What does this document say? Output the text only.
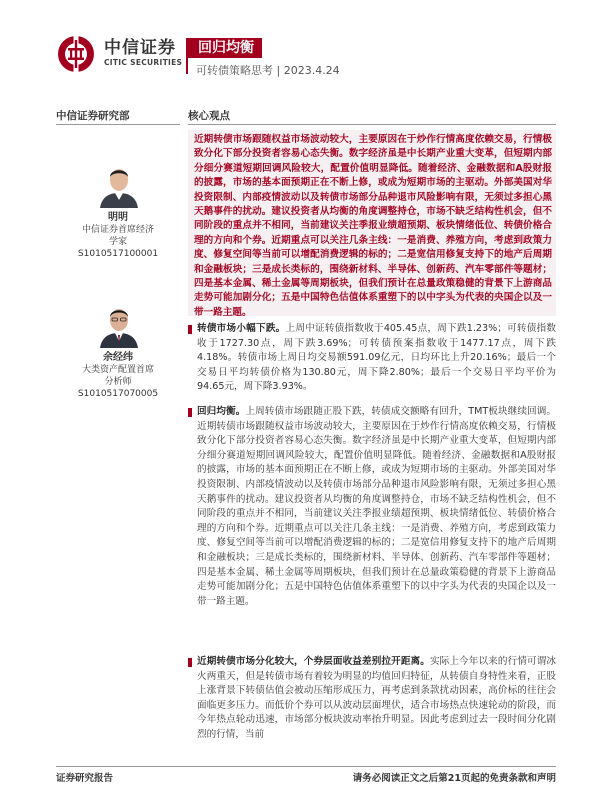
中信证券
CITIC SECURITIES
回归均衡
可转债策略思考 | 2023.4.24
中信证券研究部
明明
中信证券首席经济
学家
S1010517100001
余经纬
大类资产配置首席
分析师
S1010517070005
核心观点
近期转债市场跟随权益市场波动较大，主要原因在于炒作行情高度依赖交易，行情极致分化下部分投资者容易心态失衡。数字经济虽是中长期产业重大变革，但短期内部分细分赛道短期回调风险较大，配置价值明显降低。随着经济、金融数据和A股财报的披露，市场的基本面预期正在不断上修，或成为短期市场的主驱动。外部美国对华投资限制、内部疫情波动以及转债市场部分品种退市风险影响有限，无须过多担心黑天鹅事件的扰动。建议投资者从均衡的角度调整持仓，市场不缺乏结构性机会，但不同阶段的重点并不相同，当前建议关注季报业绩超预期、板块情绪低位、转债价格合理的方向和个券。近期重点可以关注几条主线：一是消费、养殖方向，考虑到政策力度、修复空间等当前可以增配消费逻辑的标的；二是宽信用修复支持下的地产后周期和金融板块；三是成长类标的，围绕新材料、半导体、创新药、汽车零部件等题材；四是基本金属、稀土金属等周期板块，但我们预计在总量政策稳健的背景下上游商品走势可能加剧分化；五是中国特色估值体系重塑下的以中字头为代表的央国企以及一带一路主题。
转债市场小幅下跌。上周中证转债指数收于405.45点，周下跌1.23%；可转债指数收于1727.30点，周下跌3.69%；可转债预案指数收于1477.17点，周下跌4.18%。转债市场上周日均交易额591.09亿元，日均环比上升20.16%；最后一个交易日平均转债价格为130.80元，周下降2.80%；最后一个交易日平均平价为94.65元，周下降3.93%。
回归均衡。上周转债市场跟随正股下跌，转债成交额略有回升，TMT板块继续回调。近期转债市场跟随权益市场波动较大，主要原因在于炒作行情高度依赖交易，行情极致分化下部分投资者容易心态失衡。数字经济虽是中长期产业重大变革，但短期内部分细分赛道短期回调风险较大，配置价值明显降低。随着经济、金融数据和A股财报的披露，市场的基本面预期正在不断上修，或成为短期市场的主驱动。外部美国对华投资限制、内部疫情波动以及转债市场部分品种退市风险影响有限，无须过多担心黑天鹅事件的扰动。建议投资者从均衡的角度调整持仓，市场不缺乏结构性机会，但不同阶段的重点并不相同，当前建议关注季报业绩超预期、板块情绪低位、转债价格合理的方向和个券。近期重点可以关注几条主线：一是消费、养殖方向，考虑到政策力度、修复空间等当前可以增配消费逻辑的标的；二是宽信用修复支持下的地产后周期和金融板块；三是成长类标的，围绕新材料、半导体、创新药、汽车零部件等题材；四是基本金属、稀土金属等周期板块，但我们预计在总量政策稳健的背景下上游商品走势可能加剧分化；五是中国特色估值体系重塑下的以中字头为代表的央国企以及一带一路主题。
近期转债市场分化较大，个券层面收益差别拉开距离。实际上今年以来的行情可谓冰火两重天，但是转债市场有着较为明显的均值回归特征，从转债自身特性来看，正股上涨背景下转债估值会被动压缩形成压力，再考虑到条款扰动因素，高价标的往往会面临更多压力。而低价个券可以从波动层面埋伏，适合市场热点快速轮动的阶段，而今年热点轮动迅速，市场部分板块波动率抬升明显。因此考虑到过去一段时间分化剧烈的行情，当前
证券研究报告	请务必阅读正文之后第21页起的免责条款和声明
